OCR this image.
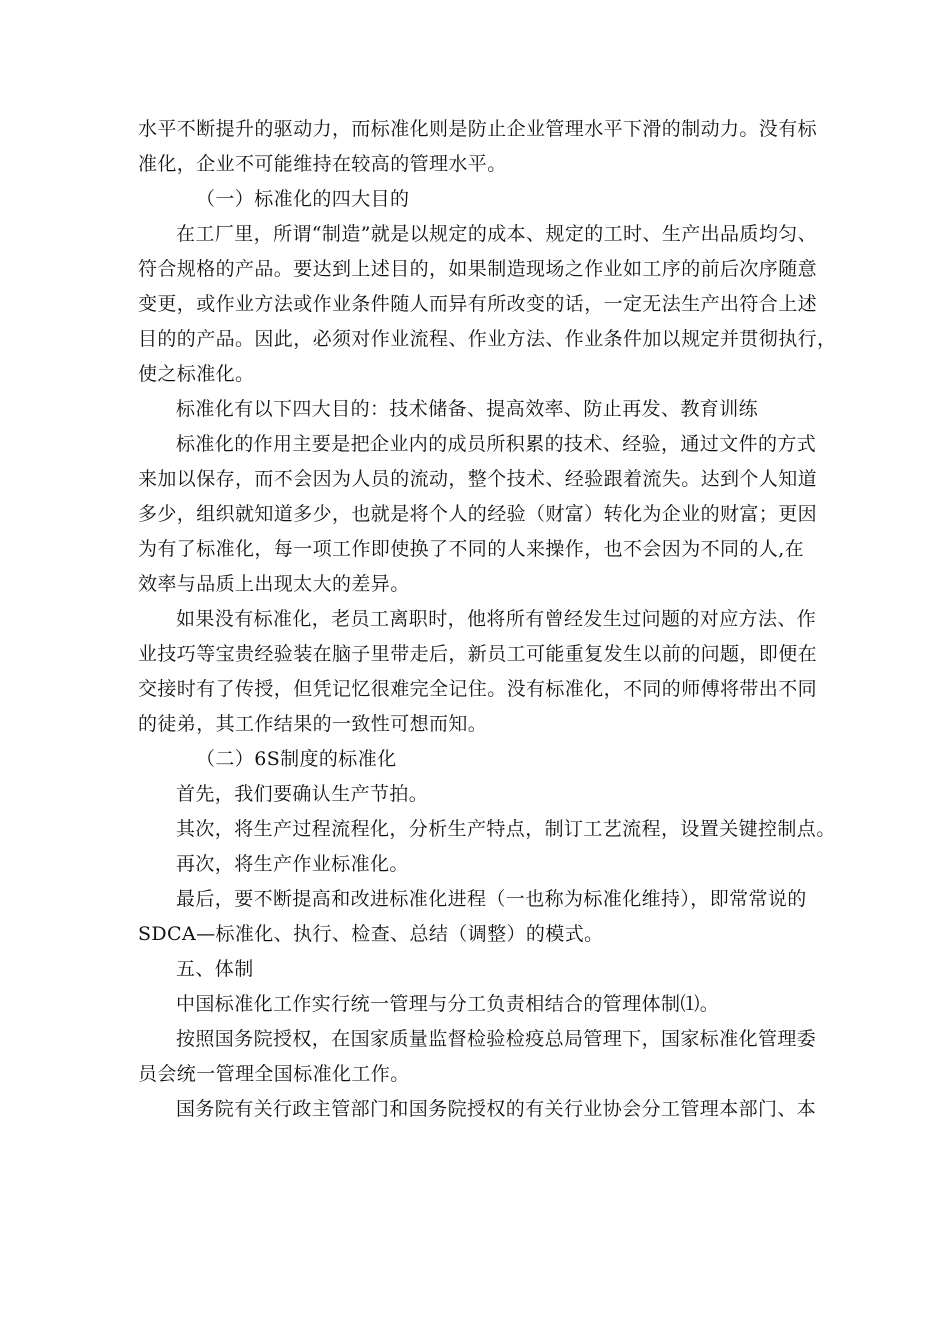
水平不断提升的驱动力，而标准化则是防止企业管理水平下滑的制动力。没有标
准化，企业不可能维持在较高的管理水平。
（一）标准化的四大目的
在工厂里，所谓“制造”就是以规定的成本、规定的工时、生产出品质均匀、
符合规格的产品。要达到上述目的，如果制造现场之作业如工序的前后次序随意
变更，或作业方法或作业条件随人而异有所改变的话，一定无法生产出符合上述
目的的产品。因此，必须对作业流程、作业方法、作业条件加以规定并贯彻执行，
使之标准化。
标准化有以下四大目的：技术储备、提高效率、防止再发、教育训练
标准化的作用主要是把企业内的成员所积累的技术、经验，通过文件的方式
来加以保存，而不会因为人员的流动，整个技术、经验跟着流失。达到个人知道
多少，组织就知道多少，也就是将个人的经验（财富）转化为企业的财富；更因
为有了标准化，每一项工作即使换了不同的人来操作，也不会因为不同的人,在
效率与品质上出现太大的差异。
如果没有标准化，老员工离职时，他将所有曾经发生过问题的对应方法、作
业技巧等宝贵经验装在脑子里带走后，新员工可能重复发生以前的问题，即便在
交接时有了传授，但凭记忆很难完全记住。没有标准化，不同的师傅将带出不同
的徒弟，其工作结果的一致性可想而知。
（二）6S制度的标准化
首先，我们要确认生产节拍。
其次，将生产过程流程化，分析生产特点，制订工艺流程，设置关键控制点。
再次，将生产作业标准化。
最后，要不断提高和改进标准化进程（一也称为标准化维持），即常常说的
SDCA—标准化、执行、检查、总结（调整）的模式。
五、体制
中国标准化工作实行统一管理与分工负责相结合的管理体制⑴。
按照国务院授权，在国家质量监督检验检疫总局管理下，国家标准化管理委
员会统一管理全国标准化工作。
国务院有关行政主管部门和国务院授权的有关行业协会分工管理本部门、本
